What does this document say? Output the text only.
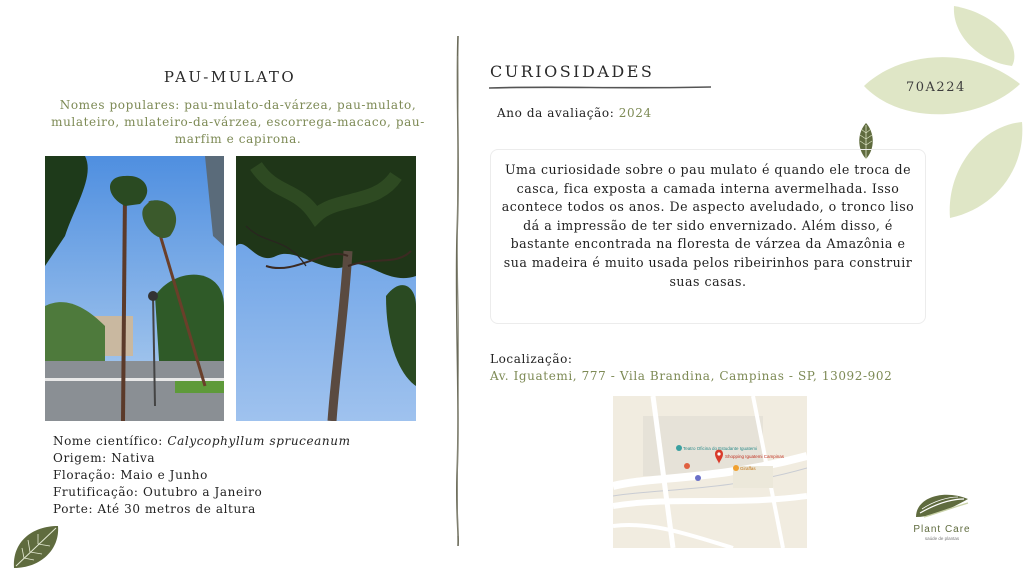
PAU-MULATO
Nomes populares: pau-mulato-da-várzea, pau-mulato, mulateiro, mulateiro-da-várzea, escorrega-macaco, pau-marfim e capirona.
Nome científico: Calycophyllum spruceanum
Origem: Nativa
Floração: Maio e Junho
Frutificação: Outubro a Janeiro
Porte: Até 30 metros de altura
CURIOSIDADES
Ano da avaliação: 2024
Uma curiosidade sobre o pau mulato é quando ele troca de casca, fica exposta a camada interna avermelhada. Isso acontece todos os anos. De aspecto aveludado, o tronco liso dá a impressão de ter sido envernizado. Além disso, é bastante encontrada na floresta de várzea da Amazônia e sua madeira é muito usada pelos ribeirinhos para construir suas casas.
Localização:
Av. Iguatemi, 777 - Vila Brandina, Campinas - SP, 13092-902
Teatro Oficina do Estudante Iguatemi
Shopping Iguatemi Campinas
Giraffas
70A224
Plant Care
saúde de plantas
